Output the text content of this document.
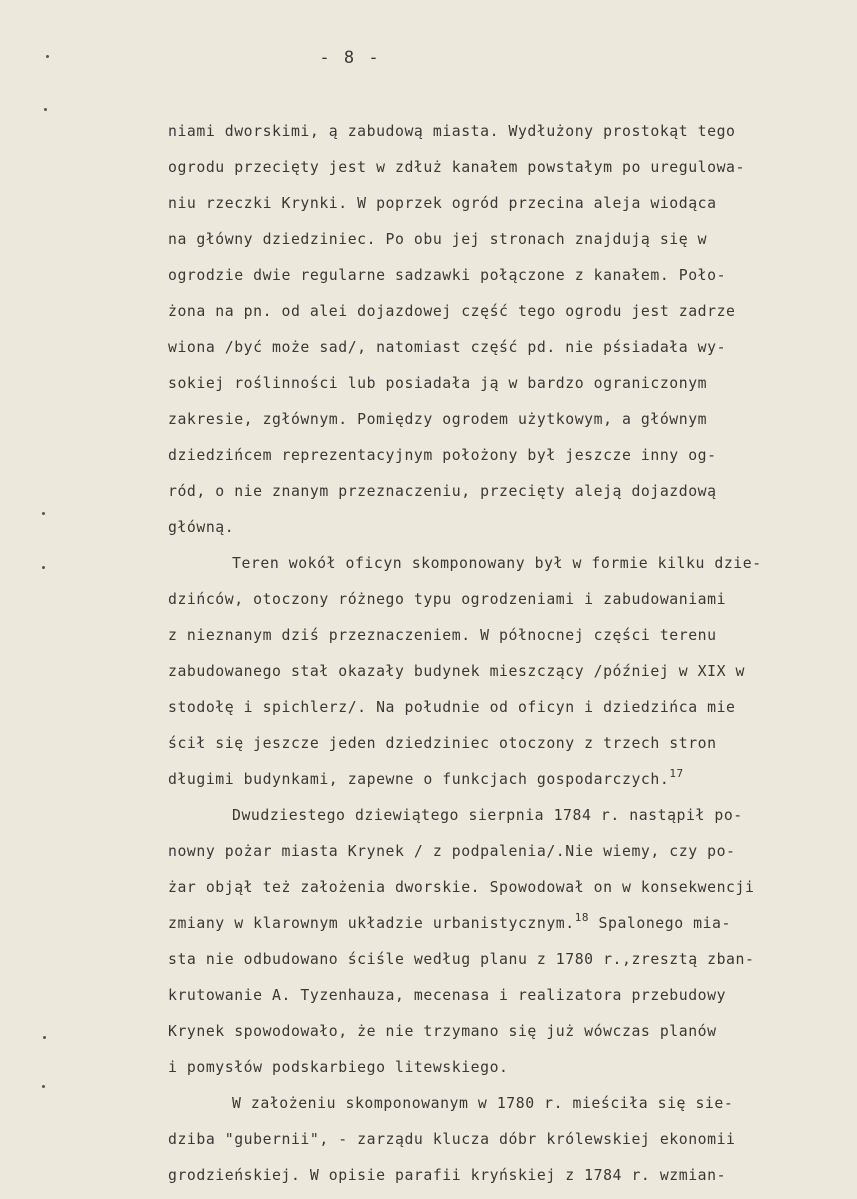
- 8 -
niami dworskimi, ą zabudową miasta. Wydłużony prostokąt tego
ogrodu przecięty jest w zdłuż kanałem powstałym po uregulowa-
niu rzeczki Krynki. W poprzek ogród przecina aleja wiodąca
na główny dziedziniec. Po obu jej stronach znajdują się w
ogrodzie dwie regularne sadzawki połączone z kanałem. Poło-
żona na pn. od alei dojazdowej część tego ogrodu jest zadrze
wiona /być może sad/, natomiast część pd. nie pśsiadała wy-
sokiej roślinności lub posiadała ją w bardzo ograniczonym
zakresie, zgłównym. Pomiędzy ogrodem użytkowym, a głównym
dziedzińcem reprezentacyjnym położony był jeszcze inny og-
ród, o nie znanym przeznaczeniu, przecięty aleją dojazdową
główną.
Teren wokół oficyn skomponowany był w formie kilku dzie-
dzińców, otoczony różnego typu ogrodzeniami i zabudowaniami
z nieznanym dziś przeznaczeniem. W północnej części terenu
zabudowanego stał okazały budynek mieszczący /później w XIX w
stodołę i spichlerz/. Na południe od oficyn i dziedzińca mie
ścił się jeszcze jeden dziedziniec otoczony z trzech stron
długimi budynkami, zapewne o funkcjach gospodarczych.$^{17}$
Dwudziestego dziewiątego sierpnia 1784 r. nastąpił po-
nowny pożar miasta Krynek / z podpalenia/.Nie wiemy, czy po-
żar objął też założenia dworskie. Spowodował on w konsekwencji
zmiany w klarownym układzie urbanistycznym.$^{18}$ Spalonego mia-
sta nie odbudowano ściśle według planu z 1780 r.,zresztą zban-
krutowanie A. Tyzenhauza, mecenasa i realizatora przebudowy
Krynek spowodowało, że nie trzymano się już wówczas planów
i pomysłów podskarbiego litewskiego.
W założeniu skomponowanym w 1780 r. mieściła się sie-
dziba "gubernii", - zarządu klucza dóbr królewskiej ekonomii
grodzieńskiej. W opisie parafii kryńskiej z 1784 r. wzmian-
